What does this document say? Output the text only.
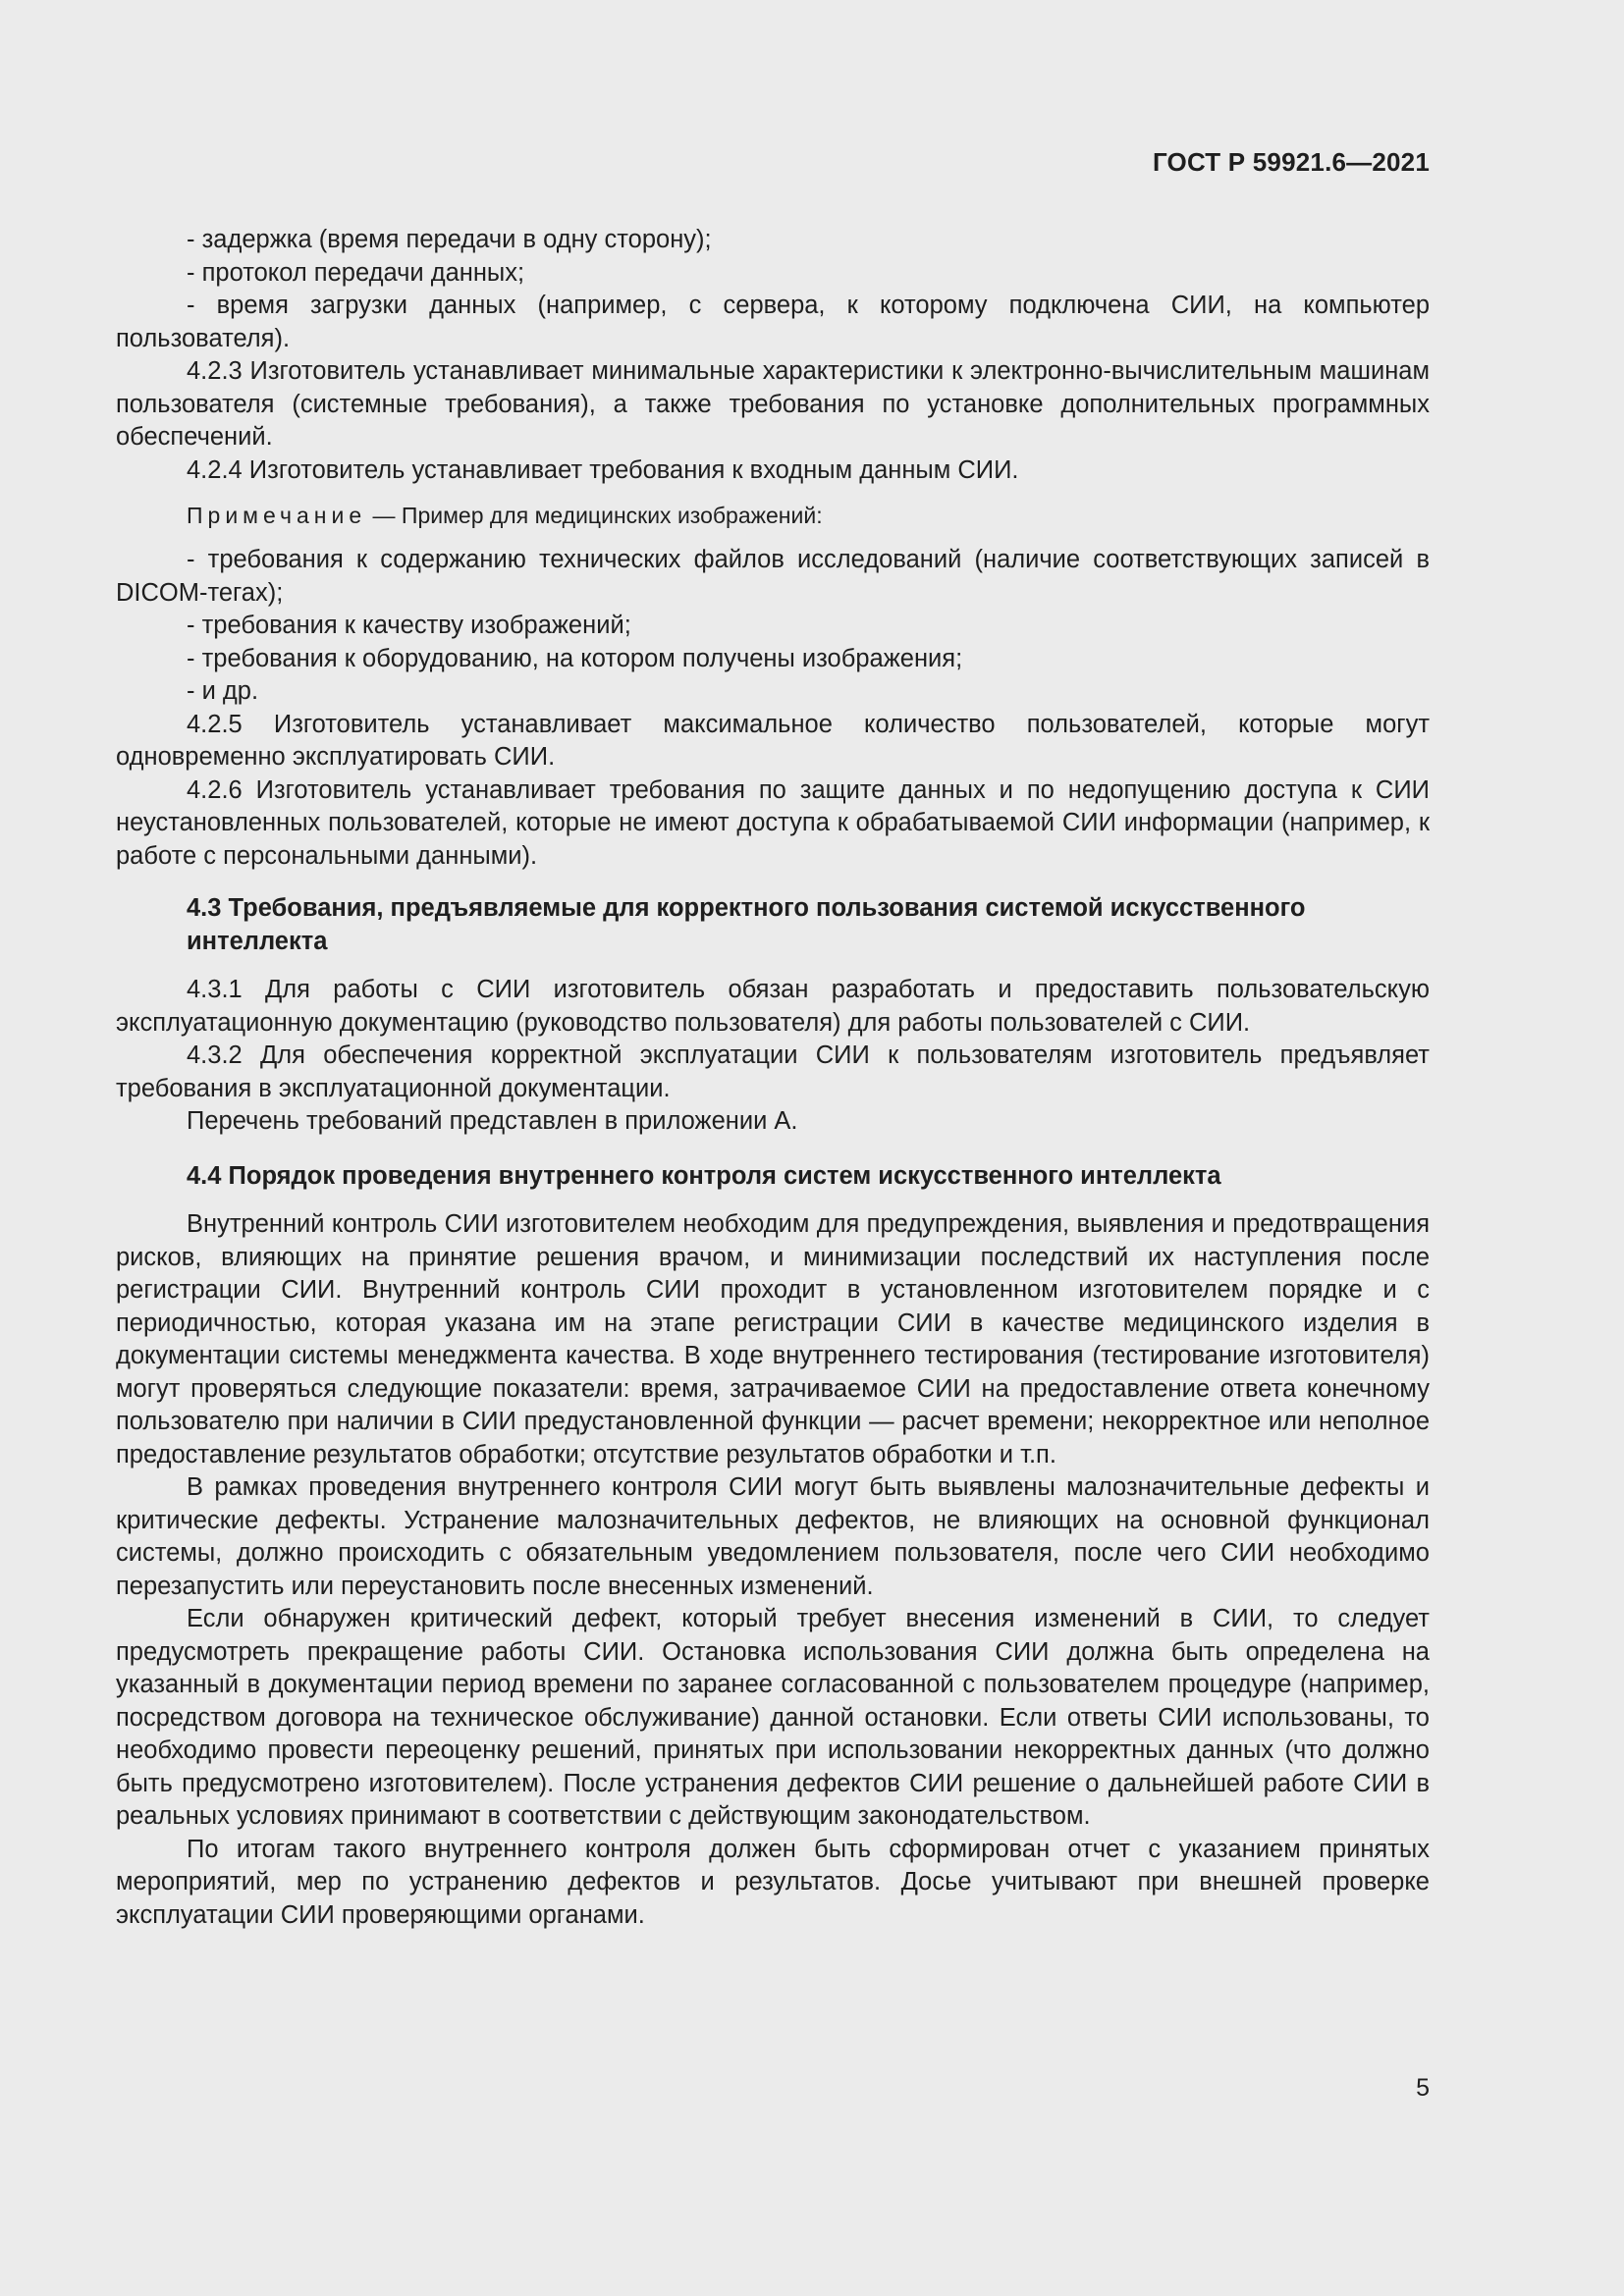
ГОСТ Р 59921.6—2021

- задержка (время передачи в одну сторону);

- протокол передачи данных;

- время загрузки данных (например, с сервера, к которому подключена СИИ, на компьютер пользователя).

4.2.3 Изготовитель устанавливает минимальные характеристики к электронно-вычислительным машинам пользователя (системные требования), а также требования по установке дополнительных программных обеспечений.

4.2.4 Изготовитель устанавливает требования к входным данным СИИ.

Примечание — Пример для медицинских изображений:

- требования к содержанию технических файлов исследований (наличие соответствующих записей в DICOM-тегах);

- требования к качеству изображений;

- требования к оборудованию, на котором получены изображения;

- и др.

4.2.5 Изготовитель устанавливает максимальное количество пользователей, которые могут одновременно эксплуатировать СИИ.

4.2.6 Изготовитель устанавливает требования по защите данных и по недопущению доступа к СИИ неустановленных пользователей, которые не имеют доступа к обрабатываемой СИИ информации (например, к работе с персональными данными).

4.3 Требования, предъявляемые для корректного пользования системой искусственного интеллекта

4.3.1 Для работы с СИИ изготовитель обязан разработать и предоставить пользовательскую эксплуатационную документацию (руководство пользователя) для работы пользователей с СИИ.

4.3.2 Для обеспечения корректной эксплуатации СИИ к пользователям изготовитель предъявляет требования в эксплуатационной документации.

Перечень требований представлен в приложении А.

4.4 Порядок проведения внутреннего контроля систем искусственного интеллекта

Внутренний контроль СИИ изготовителем необходим для предупреждения, выявления и предотвращения рисков, влияющих на принятие решения врачом, и минимизации последствий их наступления после регистрации СИИ. Внутренний контроль СИИ проходит в установленном изготовителем порядке и с периодичностью, которая указана им на этапе регистрации СИИ в качестве медицинского изделия в документации системы менеджмента качества. В ходе внутреннего тестирования (тестирование изготовителя) могут проверяться следующие показатели: время, затрачиваемое СИИ на предоставление ответа конечному пользователю при наличии в СИИ предустановленной функции — расчет времени; некорректное или неполное предоставление результатов обработки; отсутствие результатов обработки и т.п.

В рамках проведения внутреннего контроля СИИ могут быть выявлены малозначительные дефекты и критические дефекты. Устранение малозначительных дефектов, не влияющих на основной функционал системы, должно происходить с обязательным уведомлением пользователя, после чего СИИ необходимо перезапустить или переустановить после внесенных изменений.

Если обнаружен критический дефект, который требует внесения изменений в СИИ, то следует предусмотреть прекращение работы СИИ. Остановка использования СИИ должна быть определена на указанный в документации период времени по заранее согласованной с пользователем процедуре (например, посредством договора на техническое обслуживание) данной остановки. Если ответы СИИ использованы, то необходимо провести переоценку решений, принятых при использовании некорректных данных (что должно быть предусмотрено изготовителем). После устранения дефектов СИИ решение о дальнейшей работе СИИ в реальных условиях принимают в соответствии с действующим законодательством.

По итогам такого внутреннего контроля должен быть сформирован отчет с указанием принятых мероприятий, мер по устранению дефектов и результатов. Досье учитывают при внешней проверке эксплуатации СИИ проверяющими органами.

5
